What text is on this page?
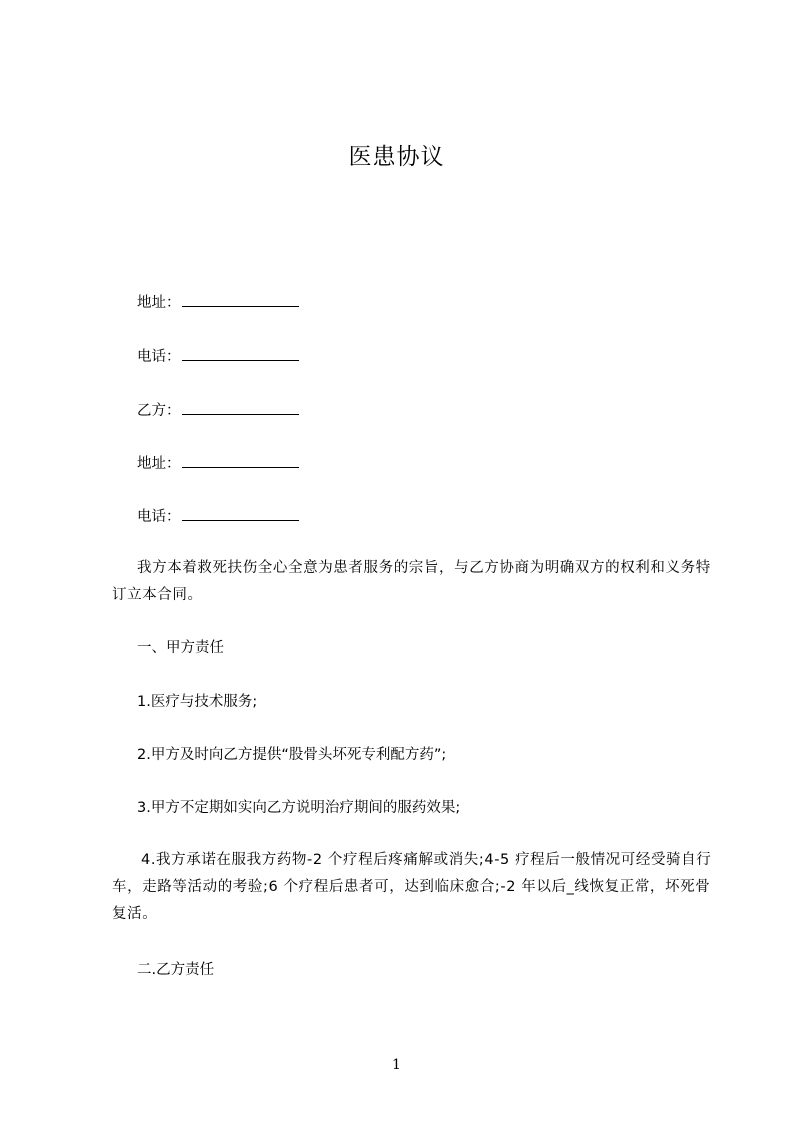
医患协议
地址：
电话：
乙方：
地址：
电话：
我方本着救死扶伤全心全意为患者服务的宗旨，与乙方协商为明确双方的权利和义务特订立本合同。
一、甲方责任
1.医疗与技术服务;
2.甲方及时向乙方提供“股骨头坏死专利配方药”;
3.甲方不定期如实向乙方说明治疗期间的服药效果;
4.我方承诺在服我方药物-2 个疗程后疼痛解或消失;4-5 疗程后一般情况可经受骑自行车，走路等活动的考验;6 个疗程后患者可，达到临床愈合;-2 年以后_线恢复正常，坏死骨复活。
二.乙方责任
1
